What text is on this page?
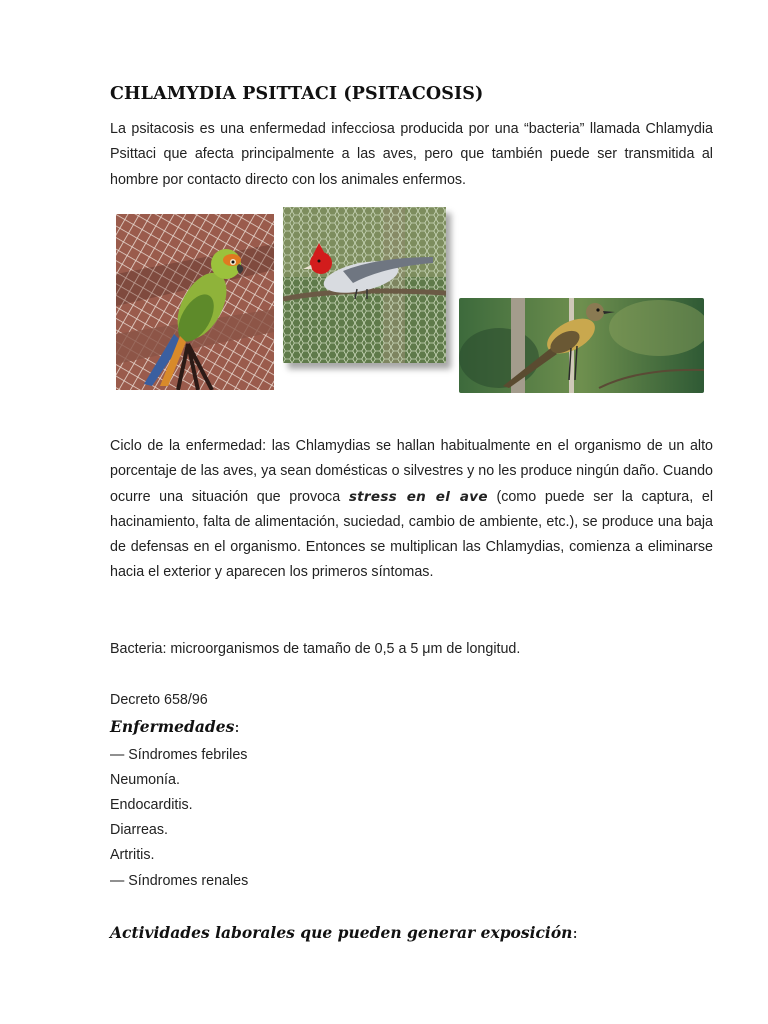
CHLAMYDIA PSITTACI (PSITACOSIS)

La psitacosis es una enfermedad infecciosa producida por una “bacteria” llamada Chlamydia Psittaci que afecta principalmente a las aves, pero que también puede ser transmitida al hombre por contacto directo con los animales enfermos.

Ciclo de la enfermedad: las Chlamydias se hallan habitualmente en el organismo de un alto porcentaje de las aves, ya sean domésticas o silvestres y no les produce ningún daño. Cuando ocurre una situación que provoca stress en el ave (como puede ser la captura, el hacinamiento, falta de alimentación, suciedad, cambio de ambiente, etc.), se produce una baja de defensas en el organismo. Entonces se multiplican las Chlamydias, comienza a eliminarse hacia el exterior y aparecen los primeros síntomas.

Bacteria: microorganismos de tamaño de 0,5 a 5 μm de longitud.
Decreto 658/96
Enfermedades:
— Síndromes febriles
Neumonía.
Endocarditis.
Diarreas.
Artritis.
— Síndromes renales
Actividades laborales que pueden generar exposición:
